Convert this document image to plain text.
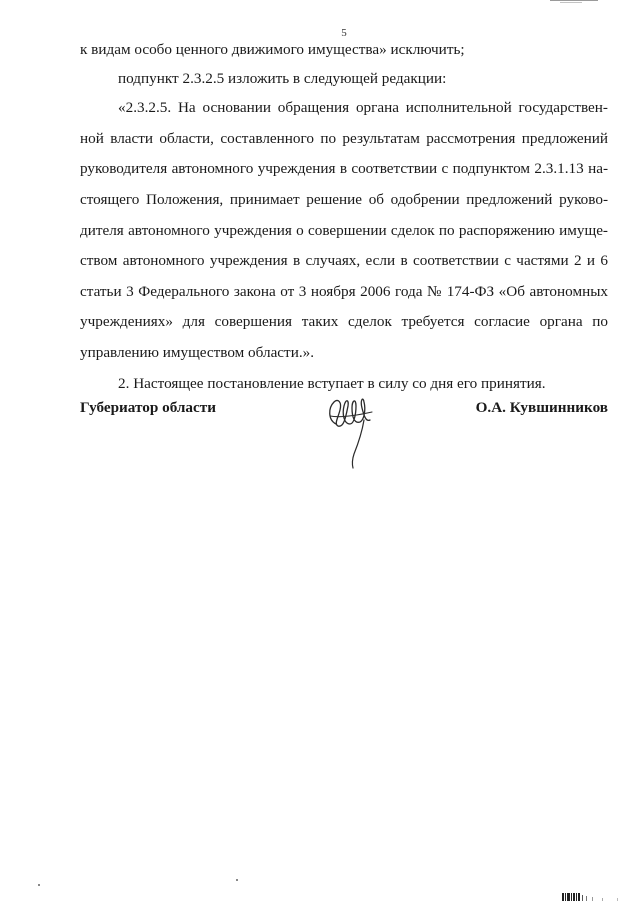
5
к видам особо ценного движимого имущества» исключить;
подпункт 2.3.2.5 изложить в следующей редакции:
«2.3.2.5. На основании обращения органа исполнительной государствен-
ной власти области, составленного по результатам рассмотрения предложений
руководителя автономного учреждения в соответствии с подпунктом 2.3.1.13 на-
стоящего Положения, принимает решение об одобрении предложений руково-
дителя автономного учреждения о совершении сделок по распоряжению имуще-
ством автономного учреждения в случаях, если в соответствии с частями 2 и 6
статьи 3 Федерального закона от 3 ноября 2006 года № 174-ФЗ «Об автономных
учреждениях» для совершения таких сделок требуется согласие органа по
управлению имуществом области.».
2. Настоящее постановление вступает в силу со дня его принятия.
Губериатор области	О.А. Кувшинников
